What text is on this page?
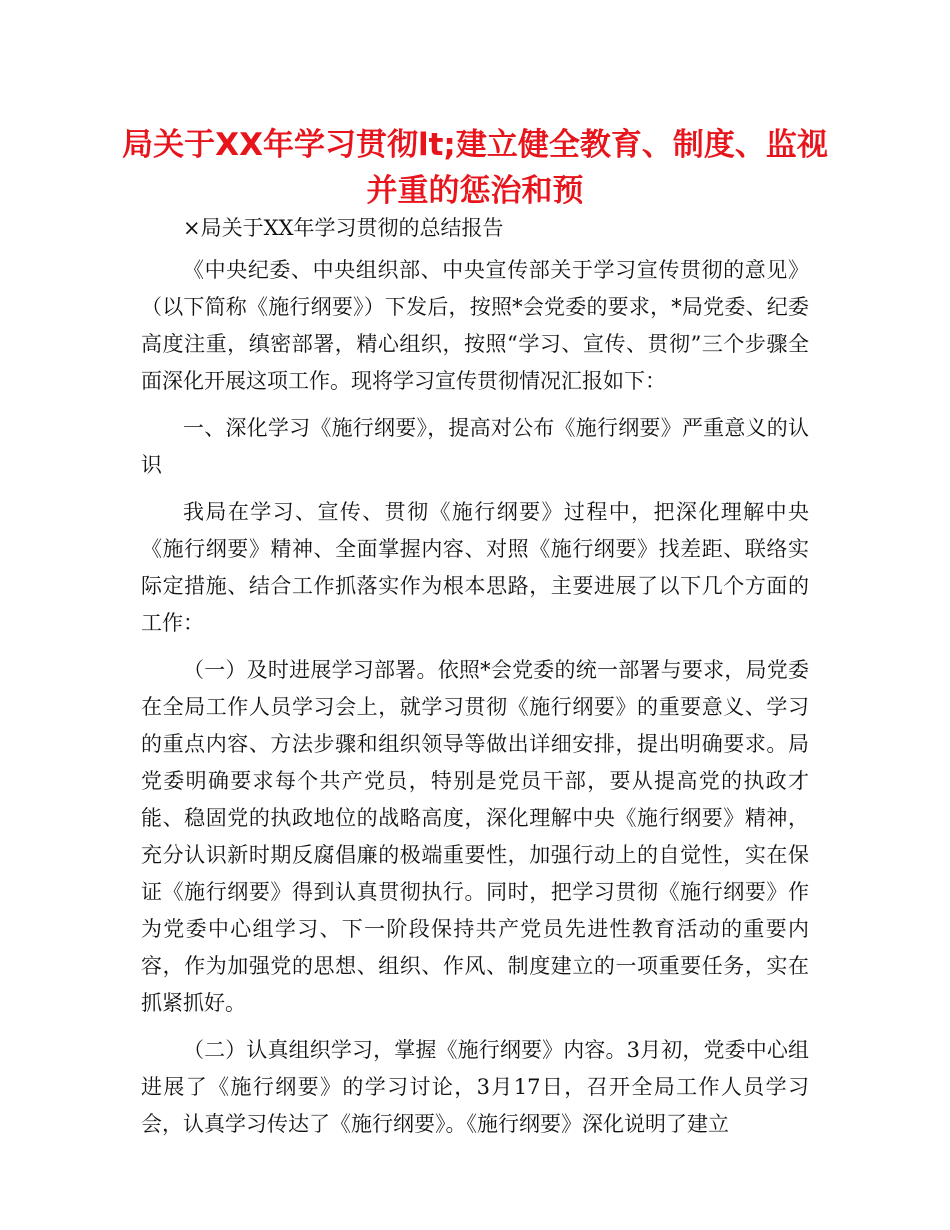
局关于XX年学习贯彻lt;建立健全教育、制度、监视并重的惩治和预

×局关于XX年学习贯彻的总结报告

《中央纪委、中央组织部、中央宣传部关于学习宣传贯彻的意见》（以下简称《施行纲要》）下发后，按照*会党委的要求，*局党委、纪委高度注重，缜密部署，精心组织，按照“学习、宣传、贯彻”三个步骤全面深化开展这项工作。现将学习宣传贯彻情况汇报如下：

一、深化学习《施行纲要》，提高对公布《施行纲要》严重意义的认识

我局在学习、宣传、贯彻《施行纲要》过程中，把深化理解中央《施行纲要》精神、全面掌握内容、对照《施行纲要》找差距、联络实际定措施、结合工作抓落实作为根本思路，主要进展了以下几个方面的工作：

（一）及时进展学习部署。依照*会党委的统一部署与要求，局党委在全局工作人员学习会上，就学习贯彻《施行纲要》的重要意义、学习的重点内容、方法步骤和组织领导等做出详细安排，提出明确要求。局党委明确要求每个共产党员，特别是党员干部，要从提高党的执政才能、稳固党的执政地位的战略高度，深化理解中央《施行纲要》精神，充分认识新时期反腐倡廉的极端重要性，加强行动上的自觉性，实在保证《施行纲要》得到认真贯彻执行。同时，把学习贯彻《施行纲要》作为党委中心组学习、下一阶段保持共产党员先进性教育活动的重要内容，作为加强党的思想、组织、作风、制度建立的一项重要任务，实在抓紧抓好。

（二）认真组织学习，掌握《施行纲要》内容。3月初，党委中心组进展了《施行纲要》的学习讨论，3月17日，召开全局工作人员学习会，认真学习传达了《施行纲要》。《施行纲要》深化说明了建立
